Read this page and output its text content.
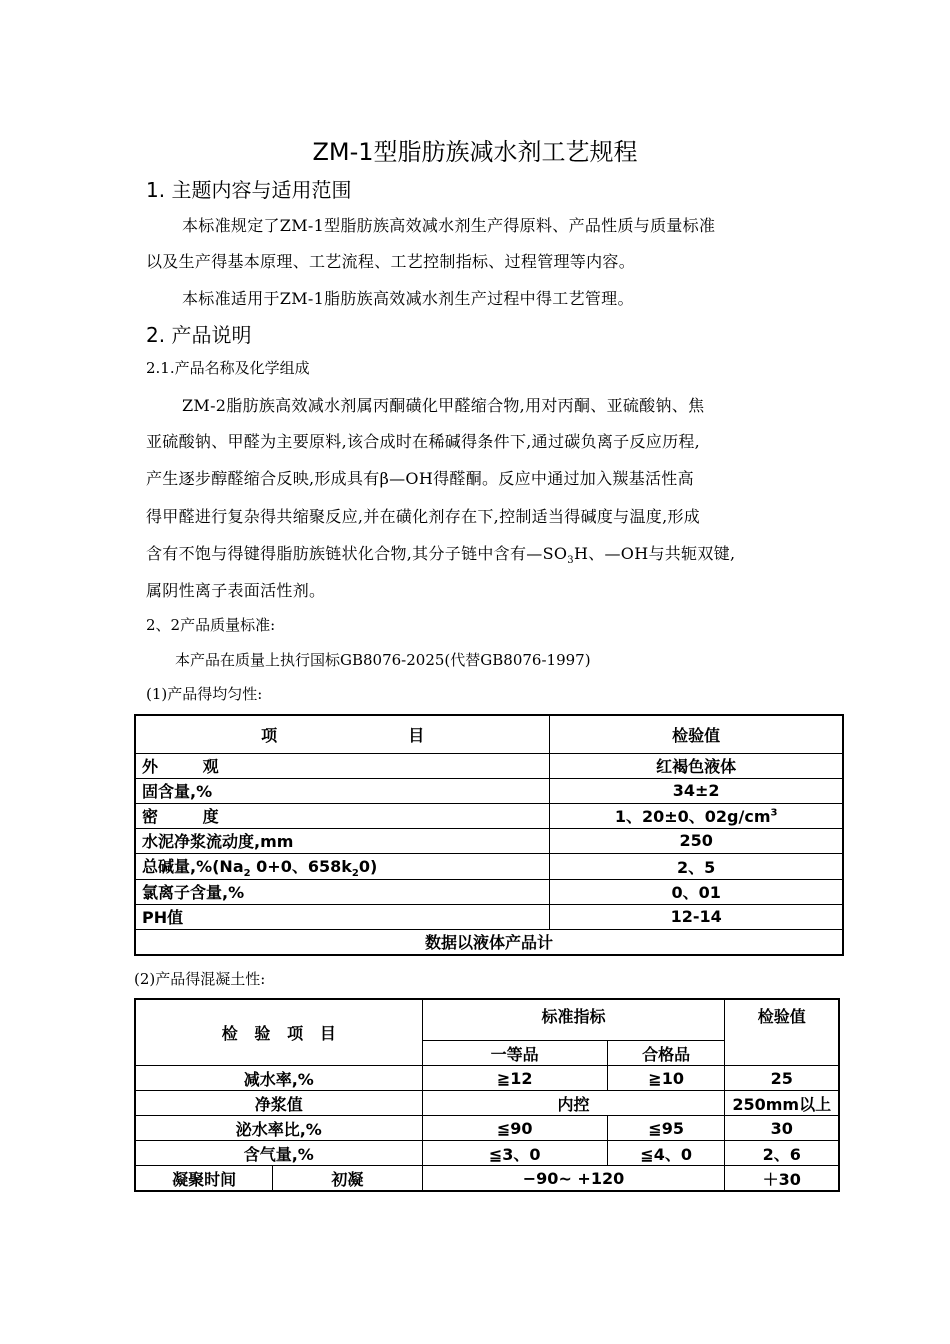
ZM-1型脂肪族减水剂工艺规程
1. 主题内容与适用范围
本标准规定了ZM-1型脂肪族高效减水剂生产得原料、产品性质与质量标准
以及生产得基本原理、工艺流程、工艺控制指标、过程管理等内容。
本标准适用于ZM-1脂肪族高效减水剂生产过程中得工艺管理。
2. 产品说明
2.1.产品名称及化学组成
ZM-2脂肪族高效减水剂属丙酮磺化甲醛缩合物,用对丙酮、亚硫酸钠、焦
亚硫酸钠、甲醛为主要原料,该合成时在稀碱得条件下,通过碳负离子反应历程,
产生逐步醇醛缩合反映,形成具有β—OH得醛酮。反应中通过加入羰基活性高
得甲醛进行复杂得共缩聚反应,并在磺化剂存在下,控制适当得碱度与温度,形成
含有不饱与得键得脂肪族链状化合物,其分子链中含有$—SO_3H$、—OH与共轭双键,
属阴性离子表面活性剂。
2、2产品质量标准:
本产品在质量上执行国标GB8076-2025(代替GB8076-1997)
(1)产品得均匀性:
项 目	检验值
外        观	红褐色液体
固含量,%	34±2
密        度	1、20±0、$02g/cm^3$
水泥净浆流动度,mm	250
总碱量$,\%(Na_2$ 0+0、$658k_20$)	2、5
氯离子含量,%	0、01
PH值	12-14
数据以液体产品计	
(2)产品得混凝土性:
检   验   项   目		标准指标		检验值
		一等品	合格品	
减水率,%		≧12	≧10	25
净浆值		内控		250mm以上
泌水率比,%		≦90	≦95	30
含气量,%		≦3、0	≦4、0	2、6
凝聚时间	初凝	−90~ +120		＋30
